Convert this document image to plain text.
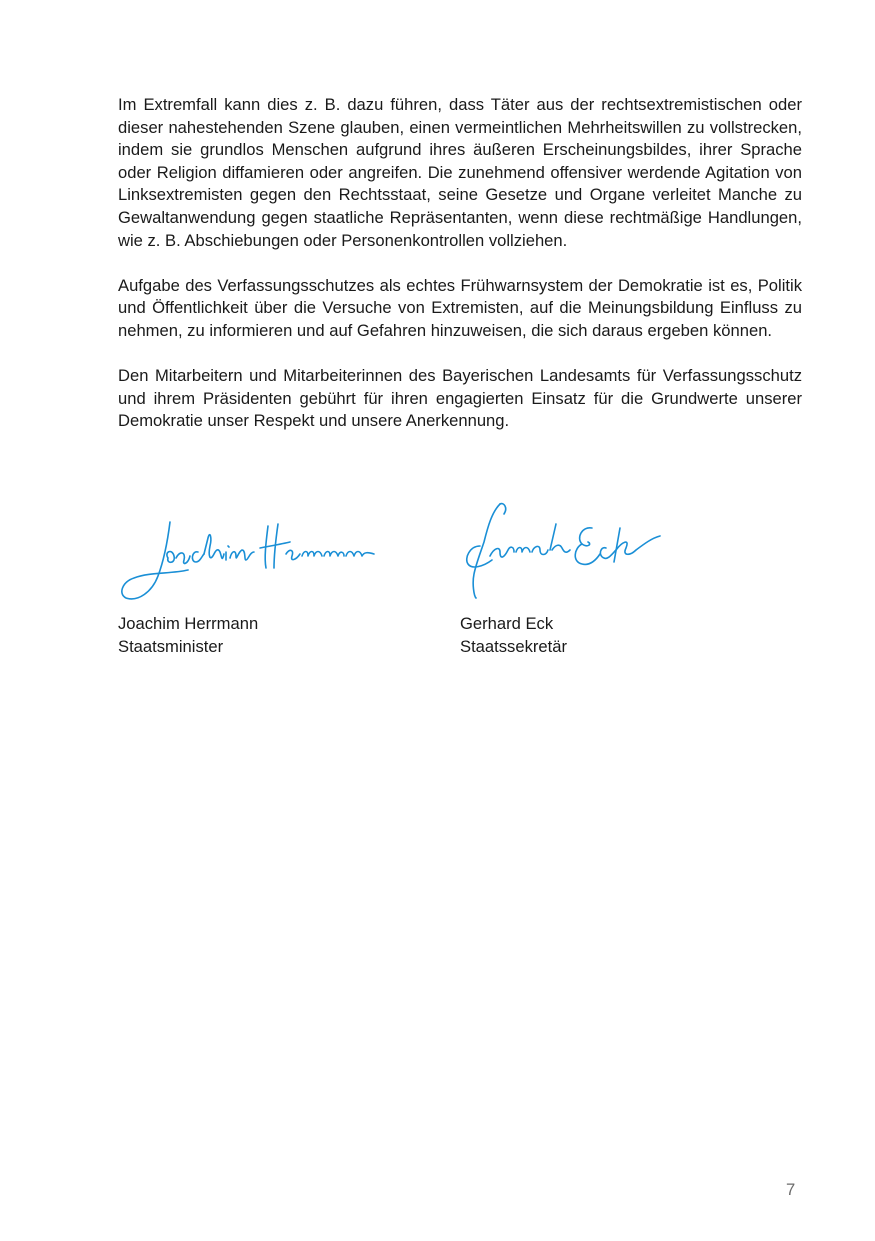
Im Extremfall kann dies z. B. dazu führen, dass Täter aus der rechtsextremistischen oder dieser nahestehenden Szene glauben, einen vermeintlichen Mehrheitswillen zu vollstrecken, indem sie grundlos Menschen aufgrund ihres äußeren Erscheinungsbildes, ihrer Sprache oder Religion diffamieren oder angreifen. Die zunehmend offensiver werdende Agitation von Linksextremisten gegen den Rechtsstaat, seine Gesetze und Organe verleitet Manche zu Gewaltanwendung gegen staatliche Repräsentanten, wenn diese rechtmäßige Handlungen, wie z. B. Abschiebungen oder Personenkontrollen vollziehen.

Aufgabe des Verfassungsschutzes als echtes Frühwarnsystem der Demokratie ist es, Politik und Öffentlichkeit über die Versuche von Extremisten, auf die Meinungsbildung Einfluss zu nehmen, zu informieren und auf Gefahren hinzuweisen, die sich daraus ergeben können.

Den Mitarbeitern und Mitarbeiterinnen des Bayerischen Landesamts für Verfassungsschutz und ihrem Präsidenten gebührt für ihren engagierten Einsatz für die Grundwerte unserer Demokratie unser Respekt und unsere Anerkennung.

Joachim Herrmann
Staatsminister
Gerhard Eck
Staatssekretär
7
